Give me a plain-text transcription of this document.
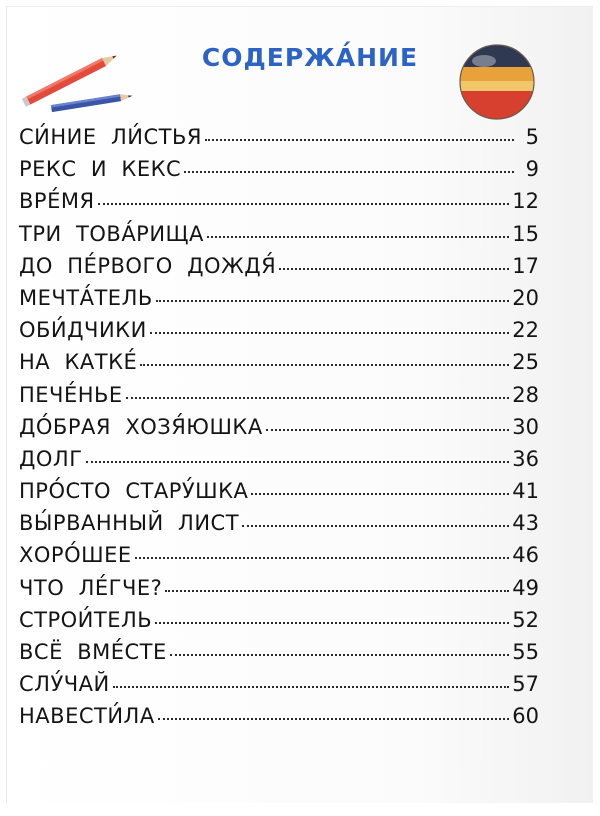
СОДЕРЖА́НИЕ
СИ́НИЕ  ЛИ́СТЬЯ	5
РЕКС  И  КЕКС	9
ВРЕ́МЯ	12
ТРИ  ТОВА́РИЩА	15
ДО  ПЕ́РВОГО  ДОЖДЯ́	17
МЕЧТА́ТЕЛЬ	20
ОБИ́ДЧИКИ	22
НА  КАТКЕ́	25
ПЕЧЕ́НЬЕ	28
ДО́БРАЯ  ХОЗЯ́ЮШКА	30
ДОЛГ	36
ПРО́СТО  СТАРУ́ШКА	41
ВЫ́РВАННЫЙ  ЛИСТ	43
ХОРО́ШЕЕ	46
ЧТО  ЛЕ́ГЧЕ?	49
СТРОИ́ТЕЛЬ	52
ВСЁ  ВМЕ́СТЕ	55
СЛУ́ЧАЙ	57
НАВЕСТИ́ЛА	60
